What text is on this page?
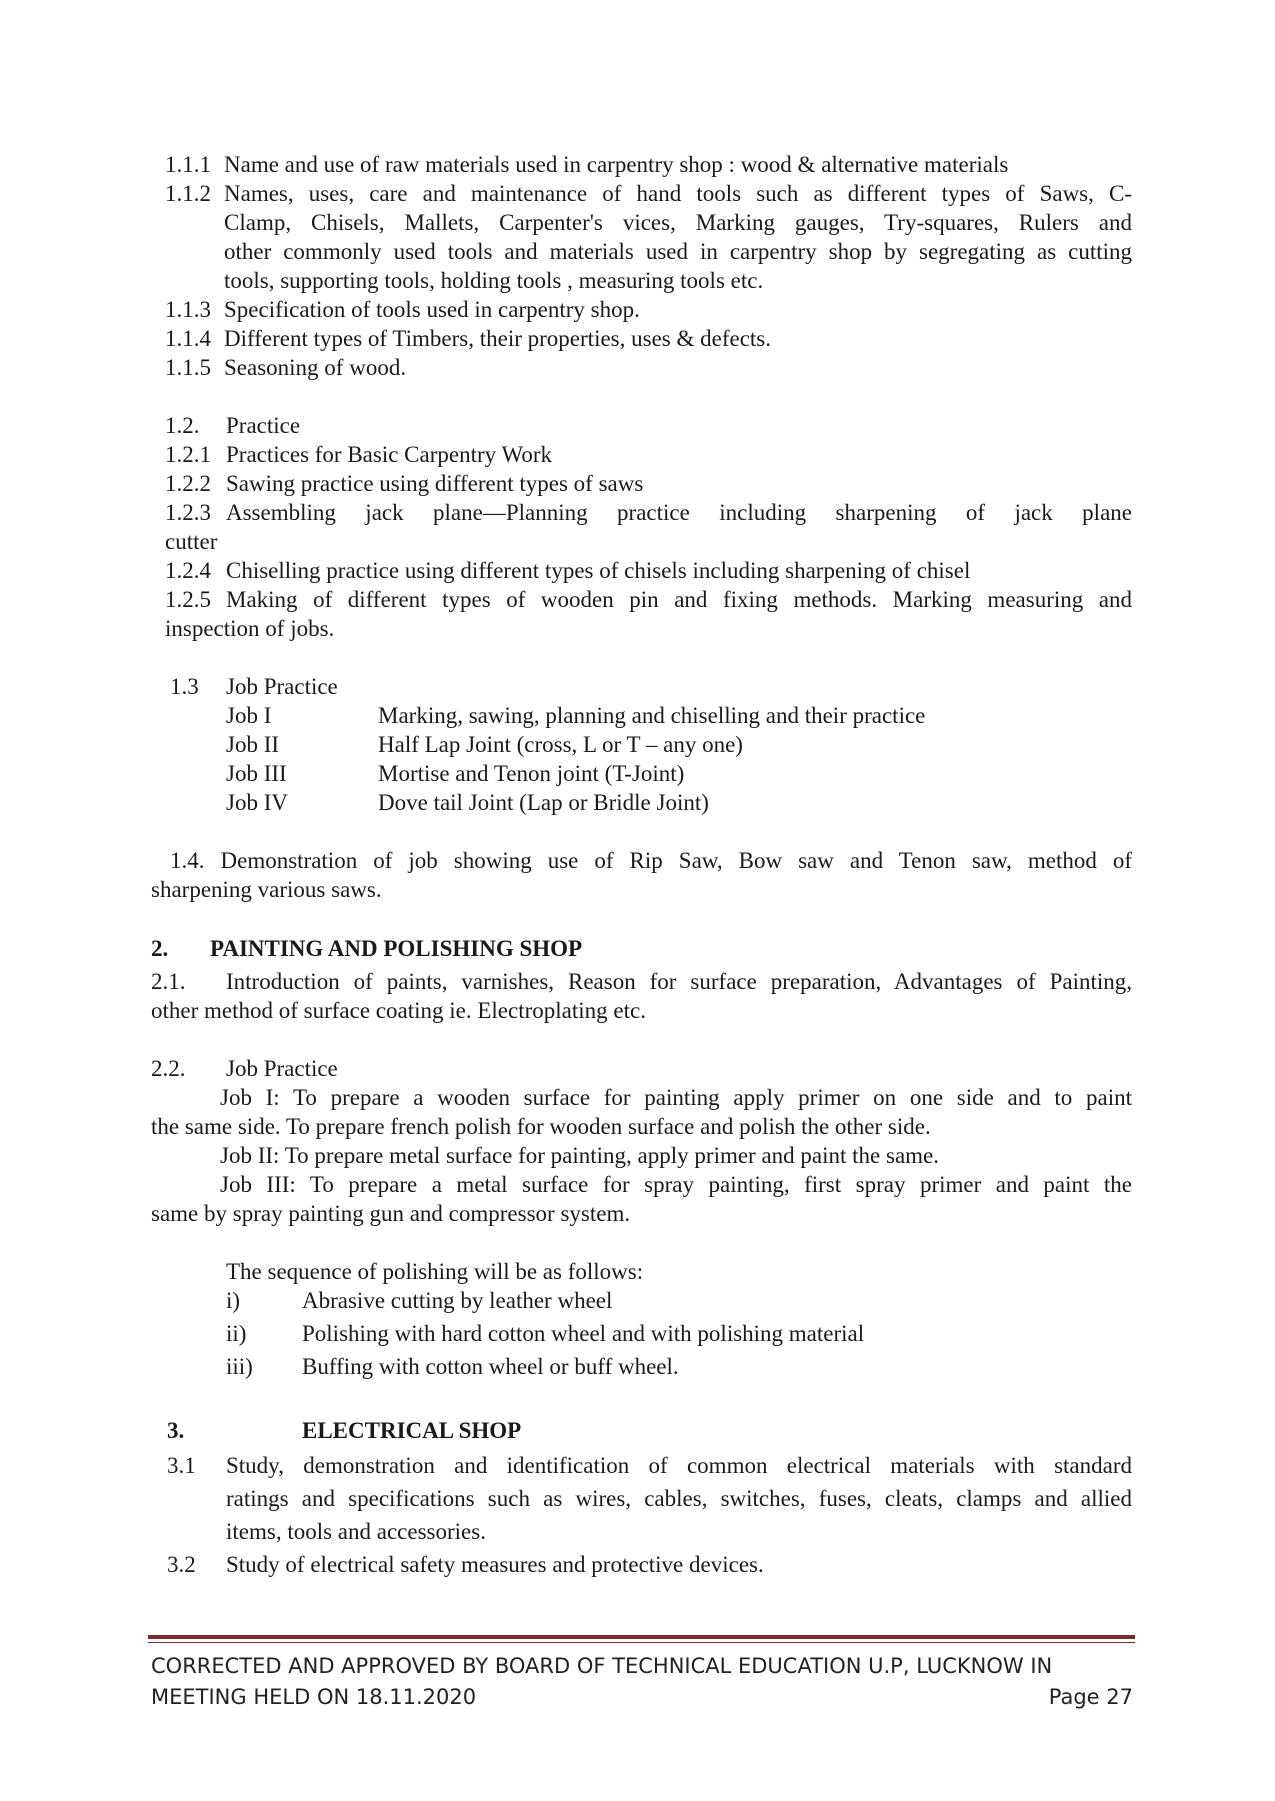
1.1.1 Name and use of raw materials used in carpentry shop : wood & alternative materials
1.1.2 Names, uses, care and maintenance of hand tools such as different types of Saws, C-
Clamp, Chisels, Mallets, Carpenter's vices, Marking gauges, Try-squares, Rulers and
other commonly used tools and materials used in carpentry shop by segregating as cutting
tools, supporting tools, holding tools , measuring tools etc.
1.1.3 Specification of tools used in carpentry shop.
1.1.4 Different types of Timbers, their properties, uses & defects.
1.1.5 Seasoning of wood.
1.2. Practice
1.2.1 Practices for Basic Carpentry Work
1.2.2 Sawing practice using different types of saws
1.2.3 Assembling jack plane—Planning practice including sharpening of jack plane
cutter
1.2.4 Chiselling practice using different types of chisels including sharpening of chisel
1.2.5 Making of different types of wooden pin and fixing methods. Marking measuring and
inspection of jobs.
1.3 Job Practice
Job I	Marking, sawing, planning and chiselling and their practice
Job II	Half Lap Joint (cross, L or T – any one)
Job III	Mortise and Tenon joint (T-Joint)
Job IV	Dove tail Joint (Lap or Bridle Joint)
1.4. Demonstration of job showing use of Rip Saw, Bow saw and Tenon saw, method of
sharpening various saws.
2. PAINTING AND POLISHING SHOP
2.1. Introduction of paints, varnishes, Reason for surface preparation, Advantages of Painting,
other method of surface coating ie. Electroplating etc.
2.2. Job Practice
Job I: To prepare a wooden surface for painting apply primer on one side and to paint
the same side. To prepare french polish for wooden surface and polish the other side.
Job II: To prepare metal surface for painting, apply primer and paint the same.
Job III: To prepare a metal surface for spray painting, first spray primer and paint the
same by spray painting gun and compressor system.
The sequence of polishing will be as follows:
i)	Abrasive cutting by leather wheel
ii) Polishing with hard cotton wheel and with polishing material
iii) Buffing with cotton wheel or buff wheel.
3.	ELECTRICAL SHOP
3.1 Study, demonstration and identification of common electrical materials with standard
ratings and specifications such as wires, cables, switches, fuses, cleats, clamps and allied
items, tools and accessories.
3.2 Study of electrical safety measures and protective devices.
CORRECTED AND APPROVED BY BOARD OF TECHNICAL EDUCATION U.P, LUCKNOW IN
MEETING HELD ON 18.11.2020	Page 27
